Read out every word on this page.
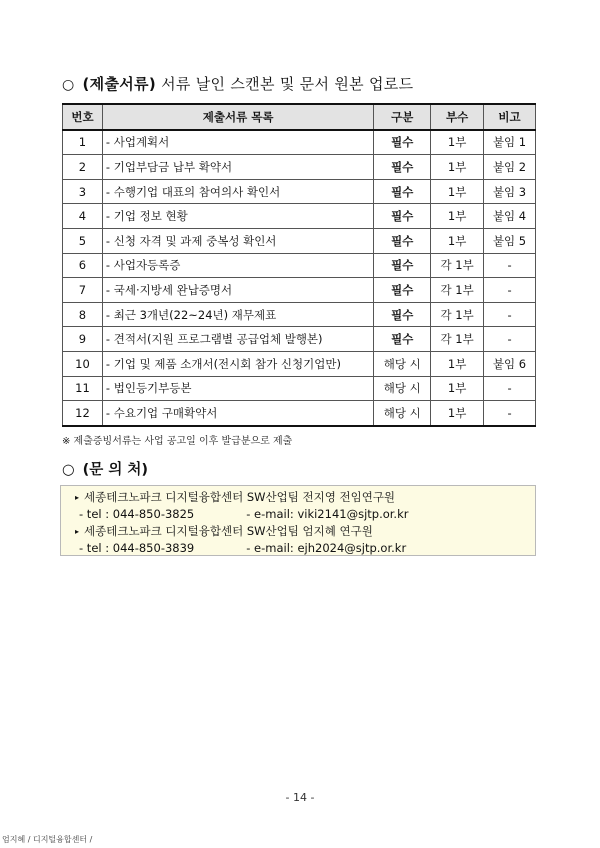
○ (제출서류) 서류 날인 스캔본 및 문서 원본 업로드
번호	제출서류 목록	구분	부수	비고
1	- 사업계획서	필수	1부	붙임 1
2	- 기업부담금 납부 확약서	필수	1부	붙임 2
3	- 수행기업 대표의 참여의사 확인서	필수	1부	붙임 3
4	- 기업 정보 현황	필수	1부	붙임 4
5	- 신청 자격 및 과제 중복성 확인서	필수	1부	붙임 5
6	- 사업자등록증	필수	각 1부	-
7	- 국세·지방세 완납증명서	필수	각 1부	-
8	- 최근 3개년(22~24년) 재무제표	필수	각 1부	-
9	- 견적서(지원 프로그램별 공급업체 발행본)	필수	각 1부	-
10	- 기업 및 제품 소개서(전시회 참가 신청기업만)	해당 시	1부	붙임 6
11	- 법인등기부등본	해당 시	1부	-
12	- 수요기업 구매확약서	해당 시	1부	-
※ 제출증빙서류는 사업 공고일 이후 발급분으로 제출
○ (문 의 처)
▸ 세종테크노파크 디지털융합센터 SW산업팀 전지영 전임연구원
- tel : 044-850-3825	- e-mail: viki2141@sjtp.or.kr
▸ 세종테크노파크 디지털융합센터 SW산업팀 엄지혜 연구원
- tel : 044-850-3839	- e-mail: ejh2024@sjtp.or.kr
- 14 -
엄지혜 / 디지털융합센터 /
